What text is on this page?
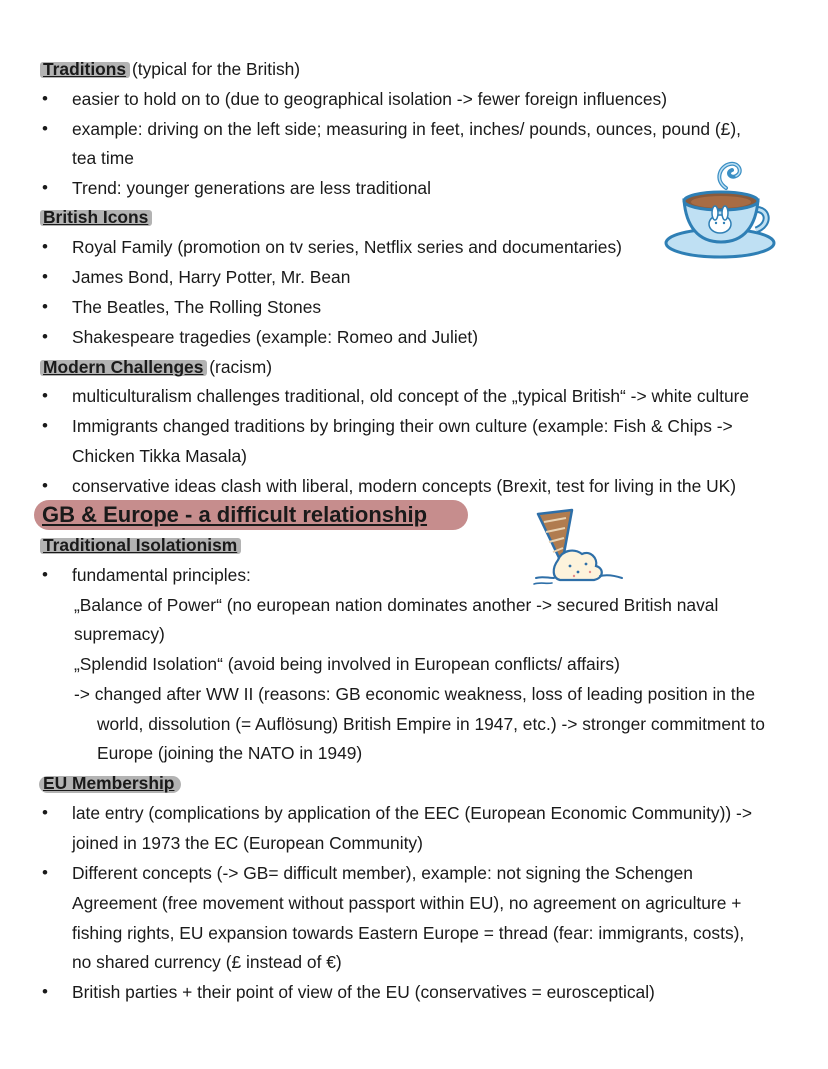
Traditions (typical for the British)
• easier to hold on to (due to geographical isolation -> fewer foreign influences)
• example: driving on the left side; measuring in feet, inches/ pounds, ounces, pound (£),
tea time
• Trend: younger generations are less traditional
British Icons
• Royal Family (promotion on tv series, Netflix series and documentaries)
• James Bond, Harry Potter, Mr. Bean
• The Beatles, The Rolling Stones
• Shakespeare tragedies (example: Romeo and Juliet)
Modern Challenges (racism)
• multiculturalism challenges traditional, old concept of the „typical British“ -> white culture
• Immigrants changed traditions by bringing their own culture (example: Fish & Chips ->
Chicken Tikka Masala)
• conservative ideas clash with liberal, modern concepts (Brexit, test for living in the UK)
GB & Europe - a difficult relationship
Traditional Isolationism
• fundamental principles:
„Balance of Power“ (no european nation dominates another -> secured British naval
supremacy)
„Splendid Isolation“ (avoid being involved in European conflicts/ affairs)
-> changed after WW II (reasons: GB economic weakness, loss of leading position in the
world, dissolution (= Auflösung) British Empire in 1947, etc.) -> stronger commitment to
Europe (joining the NATO in 1949)
EU Membership
• late entry (complications by application of the EEC (European Economic Community)) ->
joined in 1973 the EC (European Community)
• Different concepts (-> GB= difficult member), example: not signing the Schengen
Agreement (free movement without passport within EU), no agreement on agriculture +
fishing rights, EU expansion towards Eastern Europe = thread (fear: immigrants, costs),
no shared currency (£ instead of €)
• British parties + their point of view of the EU (conservatives = eurosceptical)
